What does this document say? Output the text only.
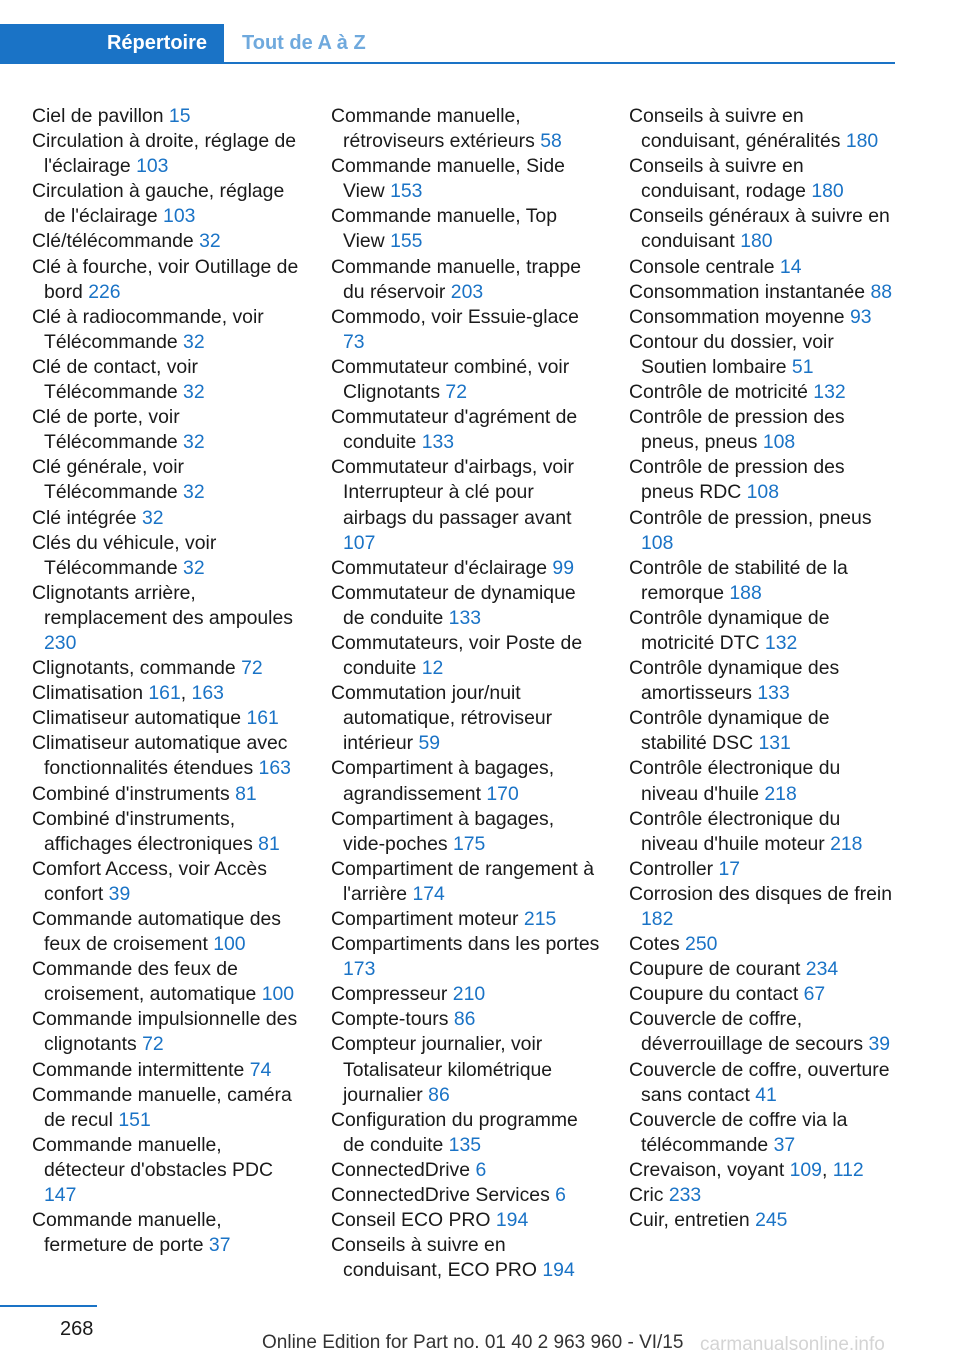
Répertoire	Tout de A à Z
Ciel de pavillon 15
Circulation à droite, réglage de l'éclairage 103
Circulation à gauche, réglage de l'éclairage 103
Clé/télécommande 32
Clé à fourche, voir Outillage de bord 226
Clé à radiocommande, voir Télécommande 32
Clé de contact, voir Télécommande 32
Clé de porte, voir Télécommande 32
Clé générale, voir Télécommande 32
Clé intégrée 32
Clés du véhicule, voir Télécommande 32
Clignotants arrière, remplacement des ampoules 230
Clignotants, commande 72
Climatisation 161, 163
Climatiseur automatique 161
Climatiseur automatique avec fonctionnalités étendues 163
Combiné d'instruments 81
Combiné d'instruments, affichages électroniques 81
Comfort Access, voir Accès confort 39
Commande automatique des feux de croisement 100
Commande des feux de croisement, automatique 100
Commande impulsionnelle des clignotants 72
Commande intermittente 74
Commande manuelle, caméra de recul 151
Commande manuelle, détecteur d'obstacles PDC 147
Commande manuelle, fermeture de porte 37
Commande manuelle, rétroviseurs extérieurs 58
Commande manuelle, Side View 153
Commande manuelle, Top View 155
Commande manuelle, trappe du réservoir 203
Commodo, voir Essuie-glace 73
Commutateur combiné, voir Clignotants 72
Commutateur d'agrément de conduite 133
Commutateur d'airbags, voir Interrupteur à clé pour airbags du passager avant 107
Commutateur d'éclairage 99
Commutateur de dynamique de conduite 133
Commutateurs, voir Poste de conduite 12
Commutation jour/nuit automatique, rétroviseur intérieur 59
Compartiment à bagages, agrandissement 170
Compartiment à bagages, vide-poches 175
Compartiment de rangement à l'arrière 174
Compartiment moteur 215
Compartiments dans les portes 173
Compresseur 210
Compte-tours 86
Compteur journalier, voir Totalisateur kilométrique journalier 86
Configuration du programme de conduite 135
ConnectedDrive 6
ConnectedDrive Services 6
Conseil ECO PRO 194
Conseils à suivre en conduisant, ECO PRO 194
Conseils à suivre en conduisant, généralités 180
Conseils à suivre en conduisant, rodage 180
Conseils généraux à suivre en conduisant 180
Console centrale 14
Consommation instantanée 88
Consommation moyenne 93
Contour du dossier, voir Soutien lombaire 51
Contrôle de motricité 132
Contrôle de pression des pneus, pneus 108
Contrôle de pression des pneus RDC 108
Contrôle de pression, pneus 108
Contrôle de stabilité de la remorque 188
Contrôle dynamique de motricité DTC 132
Contrôle dynamique des amortisseurs 133
Contrôle dynamique de stabilité DSC 131
Contrôle électronique du niveau d'huile 218
Contrôle électronique du niveau d'huile moteur 218
Controller 17
Corrosion des disques de frein 182
Cotes 250
Coupure de courant 234
Coupure du contact 67
Couvercle de coffre, déverrouillage de secours 39
Couvercle de coffre, ouverture sans contact 41
Couvercle de coffre via la télécommande 37
Crevaison, voyant 109, 112
Cric 233
Cuir, entretien 245
268
Online Edition for Part no. 01 40 2 963 960 - VI/15 carmanualsonline.info
